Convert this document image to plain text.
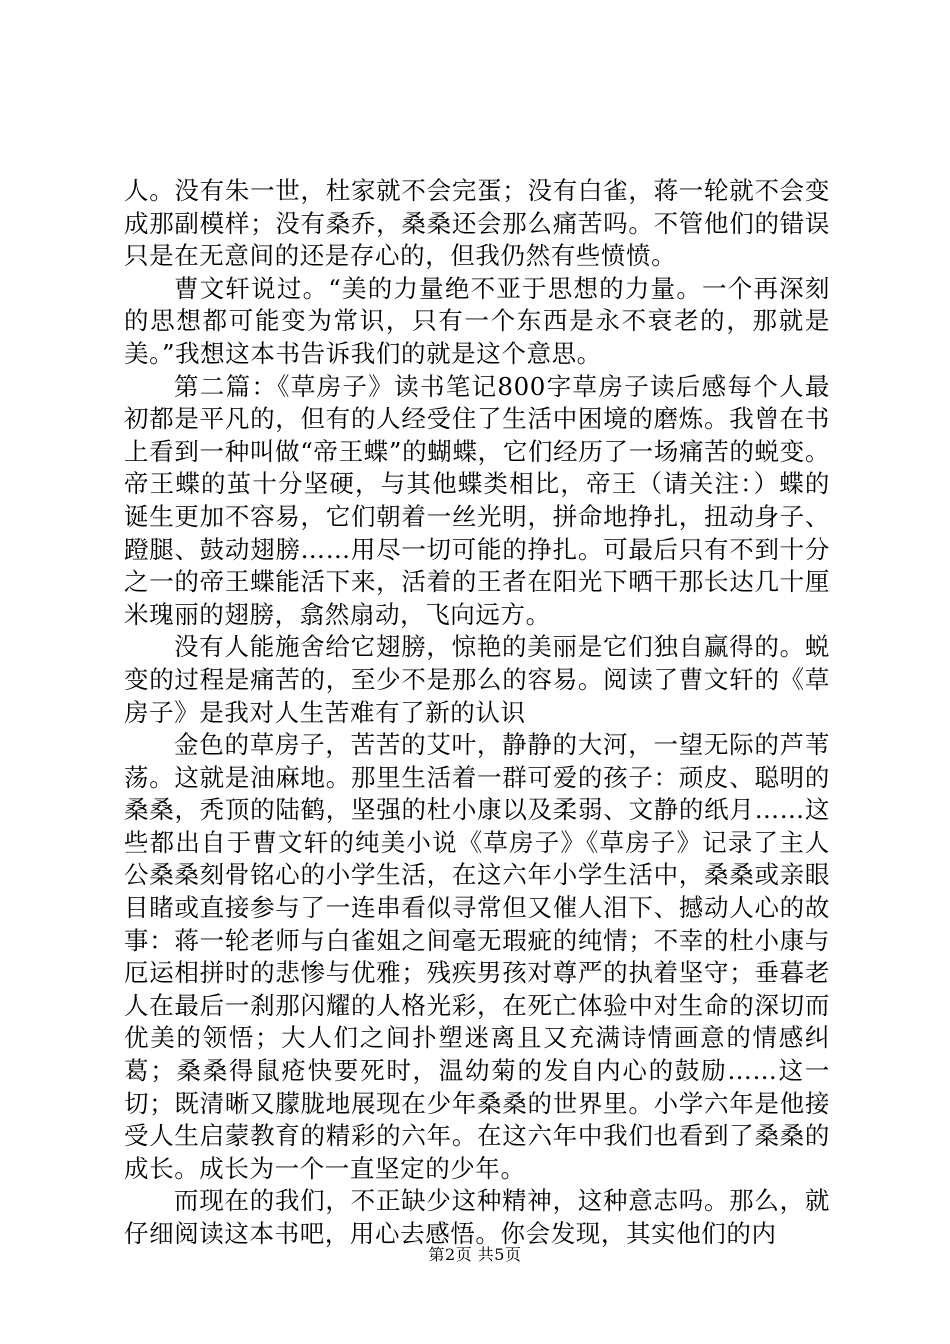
人。没有朱一世，杜家就不会完蛋；没有白雀，蒋一轮就不会变成那副模样；没有桑乔，桑桑还会那么痛苦吗。不管他们的错误只是在无意间的还是存心的，但我仍然有些愤愤。

曹文轩说过。“美的力量绝不亚于思想的力量。一个再深刻的思想都可能变为常识，只有一个东西是永不衰老的，那就是美。”我想这本书告诉我们的就是这个意思。

第二篇：《草房子》读书笔记800字草房子读后感每个人最初都是平凡的，但有的人经受住了生活中困境的磨炼。我曾在书上看到一种叫做“帝王蝶”的蝴蝶，它们经历了一场痛苦的蜕变。帝王蝶的茧十分坚硬，与其他蝶类相比，帝王（请关注：）蝶的诞生更加不容易，它们朝着一丝光明，拼命地挣扎，扭动身子、蹬腿、鼓动翅膀……用尽一切可能的挣扎。可最后只有不到十分之一的帝王蝶能活下来，活着的王者在阳光下晒干那长达几十厘米瑰丽的翅膀，翕然扇动，飞向远方。

没有人能施舍给它翅膀，惊艳的美丽是它们独自赢得的。蜕变的过程是痛苦的，至少不是那么的容易。阅读了曹文轩的《草房子》是我对人生苦难有了新的认识

金色的草房子，苦苦的艾叶，静静的大河，一望无际的芦苇荡。这就是油麻地。那里生活着一群可爱的孩子：顽皮、聪明的桑桑，秃顶的陆鹤，坚强的杜小康以及柔弱、文静的纸月……这些都出自于曹文轩的纯美小说《草房子》《草房子》记录了主人公桑桑刻骨铭心的小学生活，在这六年小学生活中，桑桑或亲眼目睹或直接参与了一连串看似寻常但又催人泪下、撼动人心的故事：蒋一轮老师与白雀姐之间毫无瑕疵的纯情；不幸的杜小康与厄运相拼时的悲惨与优雅；残疾男孩对尊严的执着坚守；垂暮老人在最后一刹那闪耀的人格光彩，在死亡体验中对生命的深切而优美的领悟；大人们之间扑塑迷离且又充满诗情画意的情感纠葛；桑桑得鼠疮快要死时，温幼菊的发自内心的鼓励……这一切；既清晰又朦胧地展现在少年桑桑的世界里。小学六年是他接受人生启蒙教育的精彩的六年。在这六年中我们也看到了桑桑的成长。成长为一个一直坚定的少年。

而现在的我们，不正缺少这种精神，这种意志吗。那么，就仔细阅读这本书吧，用心去感悟。你会发现，其实他们的内

第2页 共5页
